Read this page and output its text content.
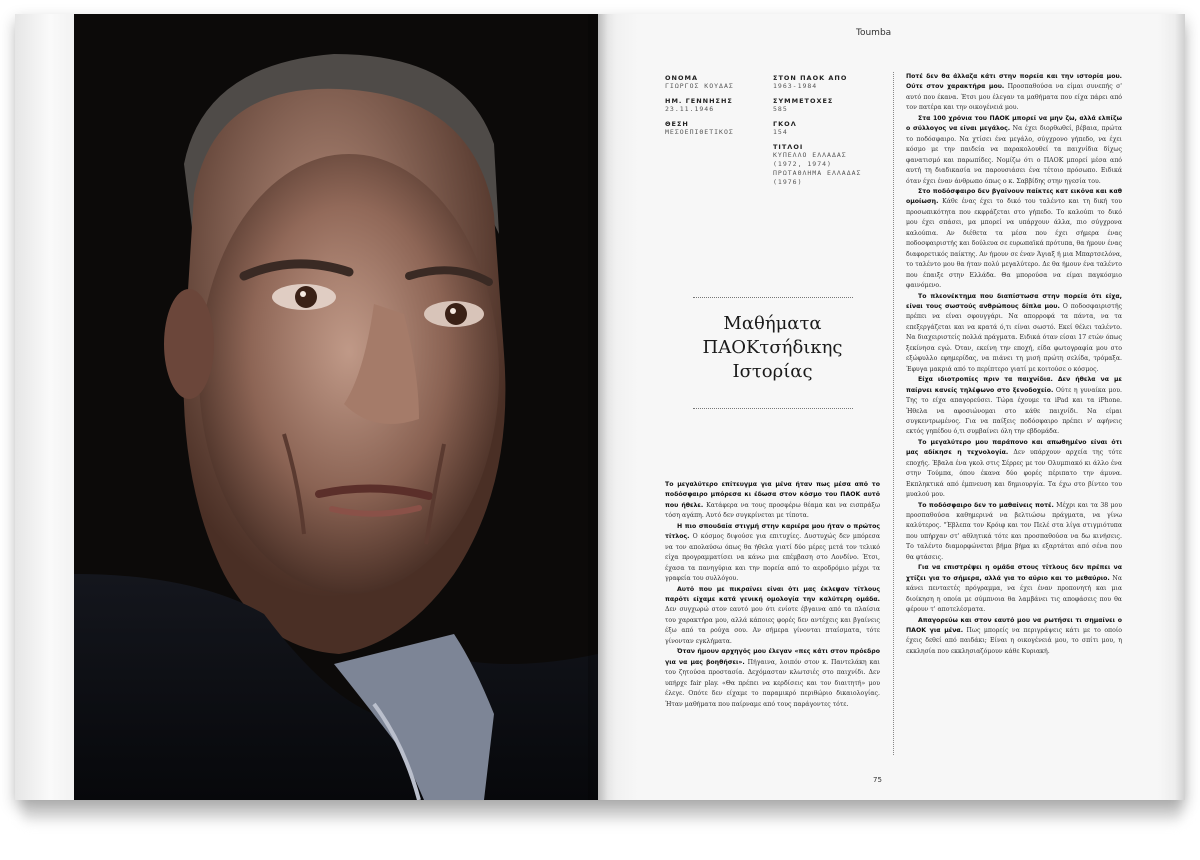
Toumba
ΟΝΟΜΑ
ΓΙΩΡΓΟΣ ΚΟΥΔΑΣ
ΗΜ. ΓΕΝΝΗΣΗΣ
23.11.1946
ΘΕΣΗ
ΜΕΣΟΕΠΙΘΕΤΙΚΟΣ
ΣΤΟΝ ΠΑΟΚ ΑΠΟ
1963-1984
ΣΥΜΜΕΤΟΧΕΣ
585
ΓΚΟΛ
154
ΤΙΤΛΟΙ
ΚΥΠΕΛΛΟ ΕΛΛΑΔΑΣ
(1972, 1974)
ΠΡΩΤΑΘΛΗΜΑ ΕΛΛΑΔΑΣ
(1976)
Μαθήματα
ΠΑΟΚτσήδικης
Ιστορίας

Το μεγαλύτερο επίτευγμα για μένα ήταν πως μέσα από το ποδόσφαιρο μπόρεσα κι έδωσα στον κόσμο του ΠΑΟΚ αυτό που ήθελε. Κατάφερα να τους προσφέρω θέαμα και να εισπράξω τόση αγάπη. Αυτό δεν συγκρίνεται με τίποτα.

Η πιο σπουδαία στιγμή στην καριέρα μου ήταν ο πρώτος τίτλος. Ο κόσμος διψούσε για επιτυχίες. Δυστυχώς δεν μπόρεσα να τον απολαύσω όπως θα ήθελα γιατί δύο μέρες μετά τον τελικό είχα προγραμματίσει να κάνω μια επέμβαση στο Λονδίνο. Έτσι, έχασα τα πανηγύρια και την πορεία από το αεροδρόμιο μέχρι τα γραφεία του συλλόγου.

Αυτό που με πικραίνει είναι ότι μας έκλεψαν τίτλους παρότι είχαμε κατά γενική ομολογία την καλύτερη ομάδα. Δεν συγχωρώ στον εαυτό μου ότι ενίοτε έβγαινα από τα πλαίσια του χαρακτήρα μου, αλλά κάποιες φορές δεν αντέχεις και βγαίνεις έξω από τα ρούχα σου. Αν σήμερα γίνονται πταίσματα, τότε γίνονταν εγκλήματα.

Όταν ήμουν αρχηγός μου έλεγαν «πες κάτι στον πρόεδρο για να μας βοηθήσει». Πήγαινα, λοιπόν στον κ. Παντελάκη και του ζητούσα προστασία. Δεχόμασταν κλωτσιές στο παιχνίδι. Δεν υπήρχε fair play. «Θα πρέπει να κερδίσεις και τον διαιτητή» μου έλεγε. Οπότε δεν είχαμε το παραμικρό περιθώριο δικαιολογίας. Ήταν μαθήματα που παίρναμε από τους παράγοντες τότε.

Ποτέ δεν θα άλλαζα κάτι στην πορεία και την ιστορία μου. Ούτε στον χαρακτήρα μου. Προσπαθούσα να είμαι συνεπής σ' αυτό που έκανα. Έτσι μου έλεγαν τα μαθήματα που είχα πάρει από τον πατέρα και την οικογένειά μου.

Στα 100 χρόνια του ΠΑΟΚ μπορεί να μην ζω, αλλά ελπίζω ο σύλλογος να είναι μεγάλος. Να έχει διορθωθεί, βέβαια, πρώτα το ποδόσφαιρο. Να χτίσει ένα μεγάλο, σύγχρονο γήπεδο, να έχει κόσμο με την παιδεία να παρακολουθεί τα παιχνίδια δίχως φανατισμό και παρωπίδες. Νομίζω ότι ο ΠΑΟΚ μπορεί μέσα από αυτή τη διαδικασία να παρουσιάσει ένα τέτοιο πρόσωπο. Ειδικά όταν έχει έναν άνθρωπο όπως ο κ. Σαββίδης στην ηγεσία του.

Στο ποδόσφαιρο δεν βγαίνουν παίκτες κατ εικόνα και καθ ομοίωση. Κάθε ένας έχει το δικό του ταλέντο και τη δική του προσωπικότητα που εκφράζεται στο γήπεδο. Το καλούπι το δικό μου έχει σπάσει, μα μπορεί να υπάρχουν άλλα, πιο σύγχρονα καλούπια. Αν διέθετα τα μέσα που έχει σήμερα ένας ποδοσφαιριστής και δούλευα σε ευρωπαϊκά πρότυπα, θα ήμουν ένας διαφορετικός παίκτης. Αν ήμουν σε έναν Άγιαξ ή μια Μπαρτσελόνα, το ταλέντο μου θα ήταν πολύ μεγαλύτερο. Δε θα ήμουν ένα ταλέντο που έπαιξε στην Ελλάδα. Θα μπορούσα να είμαι παγκόσμιο φαινόμενο.

Το πλεονέκτημα που διαπίστωσα στην πορεία ότι είχα, είναι τους σωστούς ανθρώπους δίπλα μου. Ο ποδοσφαιριστής πρέπει να είναι σφουγγάρι. Να απορροφά τα πάντα, να τα επεξεργάζεται και να κρατά ό,τι είναι σωστό. Εκεί θέλει ταλέντο. Να διαχειριστείς πολλά πράγματα. Ειδικά όταν είσαι 17 ετών όπως ξεκίνησα εγώ. Όταν, εκείνη την εποχή, είδα φωτογραφία μου στο εξώφυλλο εφημερίδας, να πιάνει τη μισή πρώτη σελίδα, τρόμαξα. Έφυγα μακριά από το περίπτερο γιατί με κοιτούσε ο κόσμος.

Είχα ιδιοτροπίες πριν τα παιχνίδια. Δεν ήθελα να με παίρνει κανείς τηλέφωνο στο ξενοδοχείο. Ούτε η γυναίκα μου. Της το είχα απαγορεύσει. Τώρα έχουμε τα iPad και τα iPhone. Ήθελα να αφοσιώνομαι στο κάθε παιχνίδι. Να είμαι συγκεντρωμένος. Για να παίξεις ποδόσφαιρο πρέπει ν' αφήνεις εκτός γηπέδου ό,τι συμβαίνει όλη την εβδομάδα.

Το μεγαλύτερο μου παράπονο και απωθημένο είναι ότι μας αδίκησε η τεχνολογία. Δεν υπάρχουν αρχεία της τότε εποχής. Έβαλα ένα γκολ στις Σέρρες με τον Ολυμπιακό κι άλλο ένα στην Τούμπα, όπου έκανα δύο φορές πέριπατο την άμυνα. Εκπληκτικά από έμπνευση και δημιουργία. Τα έχω στο βίντεο του μυαλού μου.

Το ποδόσφαιρο δεν το μαθαίνεις ποτέ. Μέχρι και τα 38 μου προσπαθούσα καθημερινά να βελτιώσω πράγματα, να γίνω καλύτερος. "Έβλεπα τον Κρόιφ και τον Πελέ στα λίγα στιγμιότυπα που υπήρχαν στ' αθλητικά τότε και προσπαθούσα να δω κινήσεις. Το ταλέντο διαμορφώνεται βήμα βήμα κι εξαρτάται από σένα που θα φτάσεις.

Για να επιστρέψει η ομάδα στους τίτλους δεν πρέπει να χτίζει για το σήμερα, αλλά για το αύριο και το μεθαύριο. Να κάνει πενταετές πρόγραμμα, να έχει έναν προπονητή και μια διοίκηση η οποία με σύμπνοια θα λαμβάνει τις αποφάσεις που θα φέρουν τ' αποτελέσματα.

Απαγορεύω και στον εαυτό μου να ρωτήσει τι σημαίνει ο ΠΑΟΚ για μένα. Πως μπορείς να περιγράψεις κάτι με το οποίο έχεις δεθεί από παιδάκι; Είναι η οικογένειά μου, το σπίτι μου, η εκκλησία που εκκλησιαζόμουν κάθε Κυριακή.

75
